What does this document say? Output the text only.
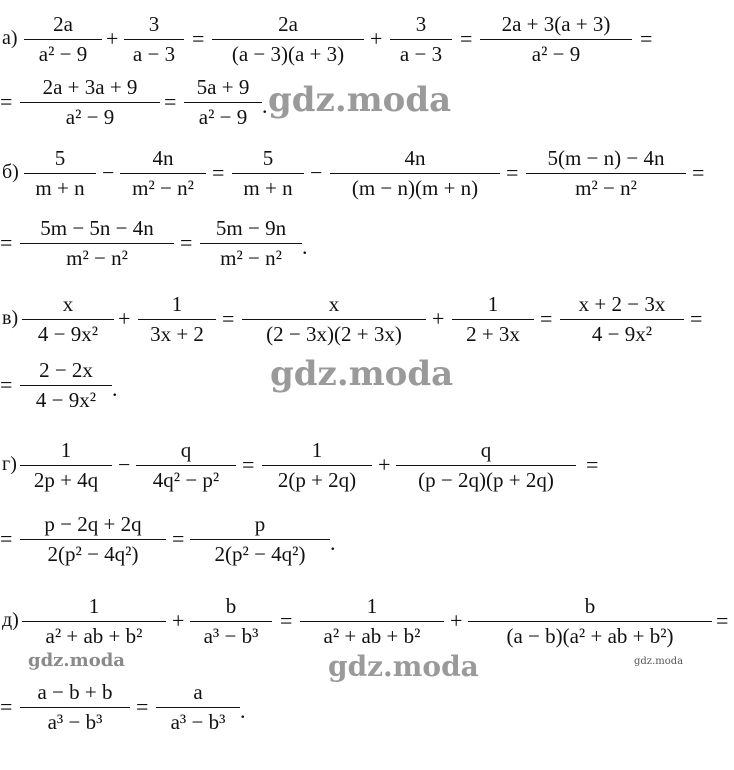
а)
2a
a² − 9
+
3
a − 3
=
2a
(a − 3)(a + 3)
+
3
a − 3
=
2a + 3(a + 3)
a² − 9
=
=
2a + 3a + 9
a² − 9
=
5a + 9
a² − 9 . gdz.moda
б)
5
m + n
−
4n
m² − n²
=
5
m + n
−
4n
(m − n)(m + n)
=
5(m − n) − 4n
m² − n²
=
=
5m − 5n − 4n
m² − n²
=
5m − 9n
m² − n² .
в)
x
4 − 9x²
+
1
3x + 2
=
x
(2 − 3x)(2 + 3x)
+
1
2 + 3x
=
x + 2 − 3x
4 − 9x²
=
=
2 − 2x
4 − 9x² .	gdz.moda
г)
1
2p + 4q
−
q
4q² − p²
=
1
2(p + 2q)
+
q
(p − 2q)(p + 2q)
=
=
p − 2q + 2q
2(p² − 4q²)
=
p
2(p² − 4q²)	.
д)
1
a² + ab + b²
+
b
a³ − b³
=
1
a² + ab + b²
+
b
(a − b)(a² + ab + b²)
=
=
a − b + b
a³ − b³
=
a
a³ − b³ .
gdz.moda	gdz.moda	gdz.moda
